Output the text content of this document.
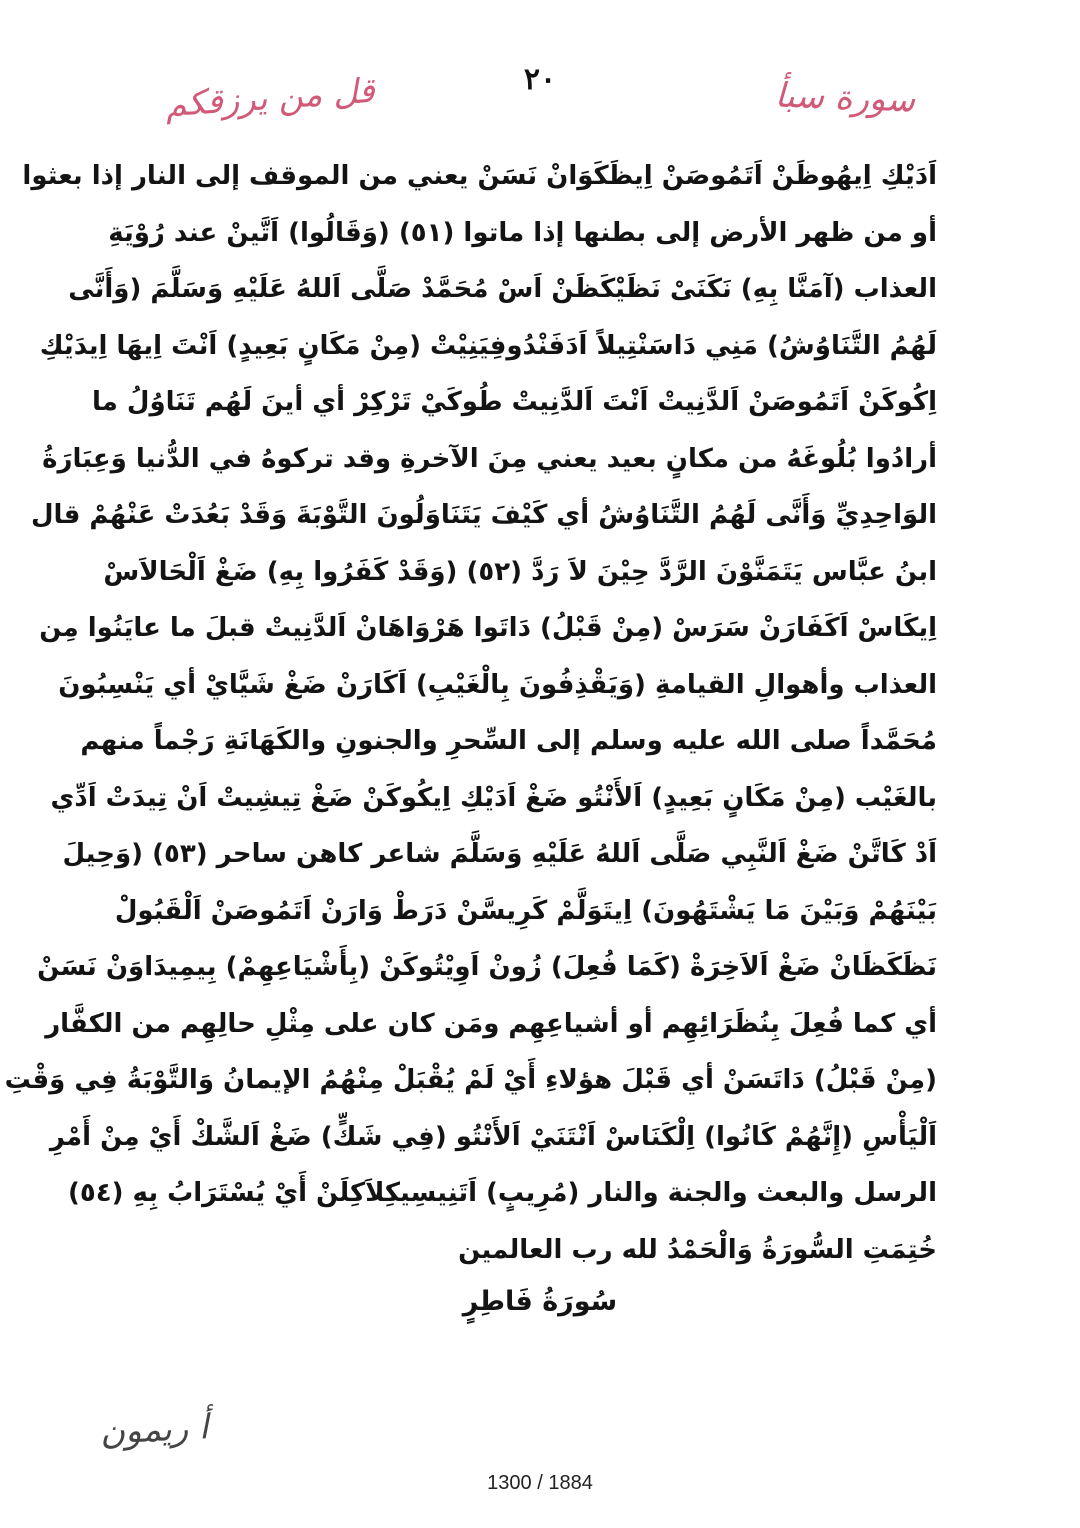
قل من يرزقكم	٢٠	سورة سبأ
اَدَيْكِ اِيهُوظَنْ اَتَمُوصَنْ اِيظَكَوَانْ نَسَنْ يعني من الموقف إلى النار إذا بعثوا
أو من ظهر الأرض إلى بطنها إذا ماتوا (٥١) (وَقَالُوا) اَتَّينْ عند رُوْيَةِ
العذاب (آمَنَّا بِهِ) نَكَنَىْ نَظَيْكَظَنْ اَسْ مُحَمَّدْ صَلَّى اَللهُ عَلَيْهِ وَسَلَّمَ (وَأَنَّى
لَهُمُ التَّنَاوُشُ) مَنِي دَاسَنْتِيلاً اَدَفَنْدُوفِيَنِيْتْ (مِنْ مَكَانٍ بَعِيدٍ) اَنْتَ اِيهَا اِيدَيْكِ
اِكُوكَنْ اَتَمُوصَنْ اَلدَّنِيتْ اَنْتَ اَلدَّنِيتْ طُوكَيْ تَرْكِرْ أي أينَ لَهُم تَنَاوُلُ ما
أرادُوا بُلُوغَهُ من مكانٍ بعيد يعني مِنَ الآخرةِ وقد تركوهُ في الدُّنيا وَعِبَارَةُ
الوَاحِدِيِّ وَأَنَّى لَهُمُ التَّنَاوُشُ أي كَيْفَ يَتَنَاوَلُونَ التَّوْبَةَ وَقَدْ بَعُدَتْ عَنْهُمْ قال
ابنُ عبَّاس يَتَمَنَّوْنَ الرَّدَّ حِيْنَ لاَ رَدَّ (٥٢) (وَقَدْ كَفَرُوا بِهِ) ضَغْ اَلْحَالاَسْ
اِيكَاسْ اَكَفَارَنْ سَرَسْ (مِنْ قَبْلُ) دَاتَوا هَرْوَاهَانْ اَلدَّنِيتْ قبلَ ما عايَنُوا مِن
العذاب وأهوالِ القيامةِ (وَيَقْذِفُونَ بِالْغَيْبِ) اَكَارَنْ ضَغْ شَيَّايْ أي يَنْسِبُونَ
مُحَمَّداً صلى الله عليه وسلم إلى السِّحرِ والجنونِ والكَهَانَةِ رَجْماً منهم
بالغَيْب (مِنْ مَكَانٍ بَعِيدٍ) اَلأَنْتُو ضَغْ اَدَيْكِ اِيكُوكَنْ ضَغْ تِيشِيتْ اَنْ تِيدَتْ اَدِّي
اَدْ كَاتَّنْ ضَغْ اَلنَّبِي صَلَّى اَللهُ عَلَيْهِ وَسَلَّمَ شاعر كاهن ساحر (٥٣) (وَحِيلَ
بَيْنَهُمْ وَبَيْنَ مَا يَشْتَهُونَ) اِيتَوَلَّمْ كَرِيسَّنْ دَرَطْ وَارَنْ اَتَمُوصَنْ اَلْقَبُولْ
نَظَكَظَانْ ضَغْ اَلاَخِرَةْ (كَمَا فُعِلَ) زُونْ اَوِيْتُوكَنْ (بِأَشْيَاعِهِمْ) بِيمِيدَاوَنْ نَسَنْ
أي كما فُعِلَ بِنُظَرَائِهِم أو أشياعِهِم ومَن كان على مِثْلِ حالِهِم من الكفَّار
(مِنْ قَبْلُ) دَاتَسَنْ أي قَبْلَ هؤلاءِ أَيْ لَمْ يُقْبَلْ مِنْهُمُ الإيمانُ وَالتَّوْبَةُ فِي وَقْتِ
اَلْيَأْسِ (إِنَّهُمْ كَانُوا) اِلْكَنَاسْ اَنْتَنَيْ اَلأَنْتُو (فِي شَكٍّ) ضَغْ اَلشَّكْ أَيْ مِنْ أَمْرِ
الرسل والبعث والجنة والنار (مُرِيبٍ) اَتَنِيسِيكِلاَكِلَنْ أَيْ يُسْتَرَابُ بِهِ (٥٤)
خُتِمَتِ السُّورَةُ وَالْحَمْدُ لله رب العالمين
سُورَةُ فَاطِرٍ
أ ريمون
1300 / 1884
